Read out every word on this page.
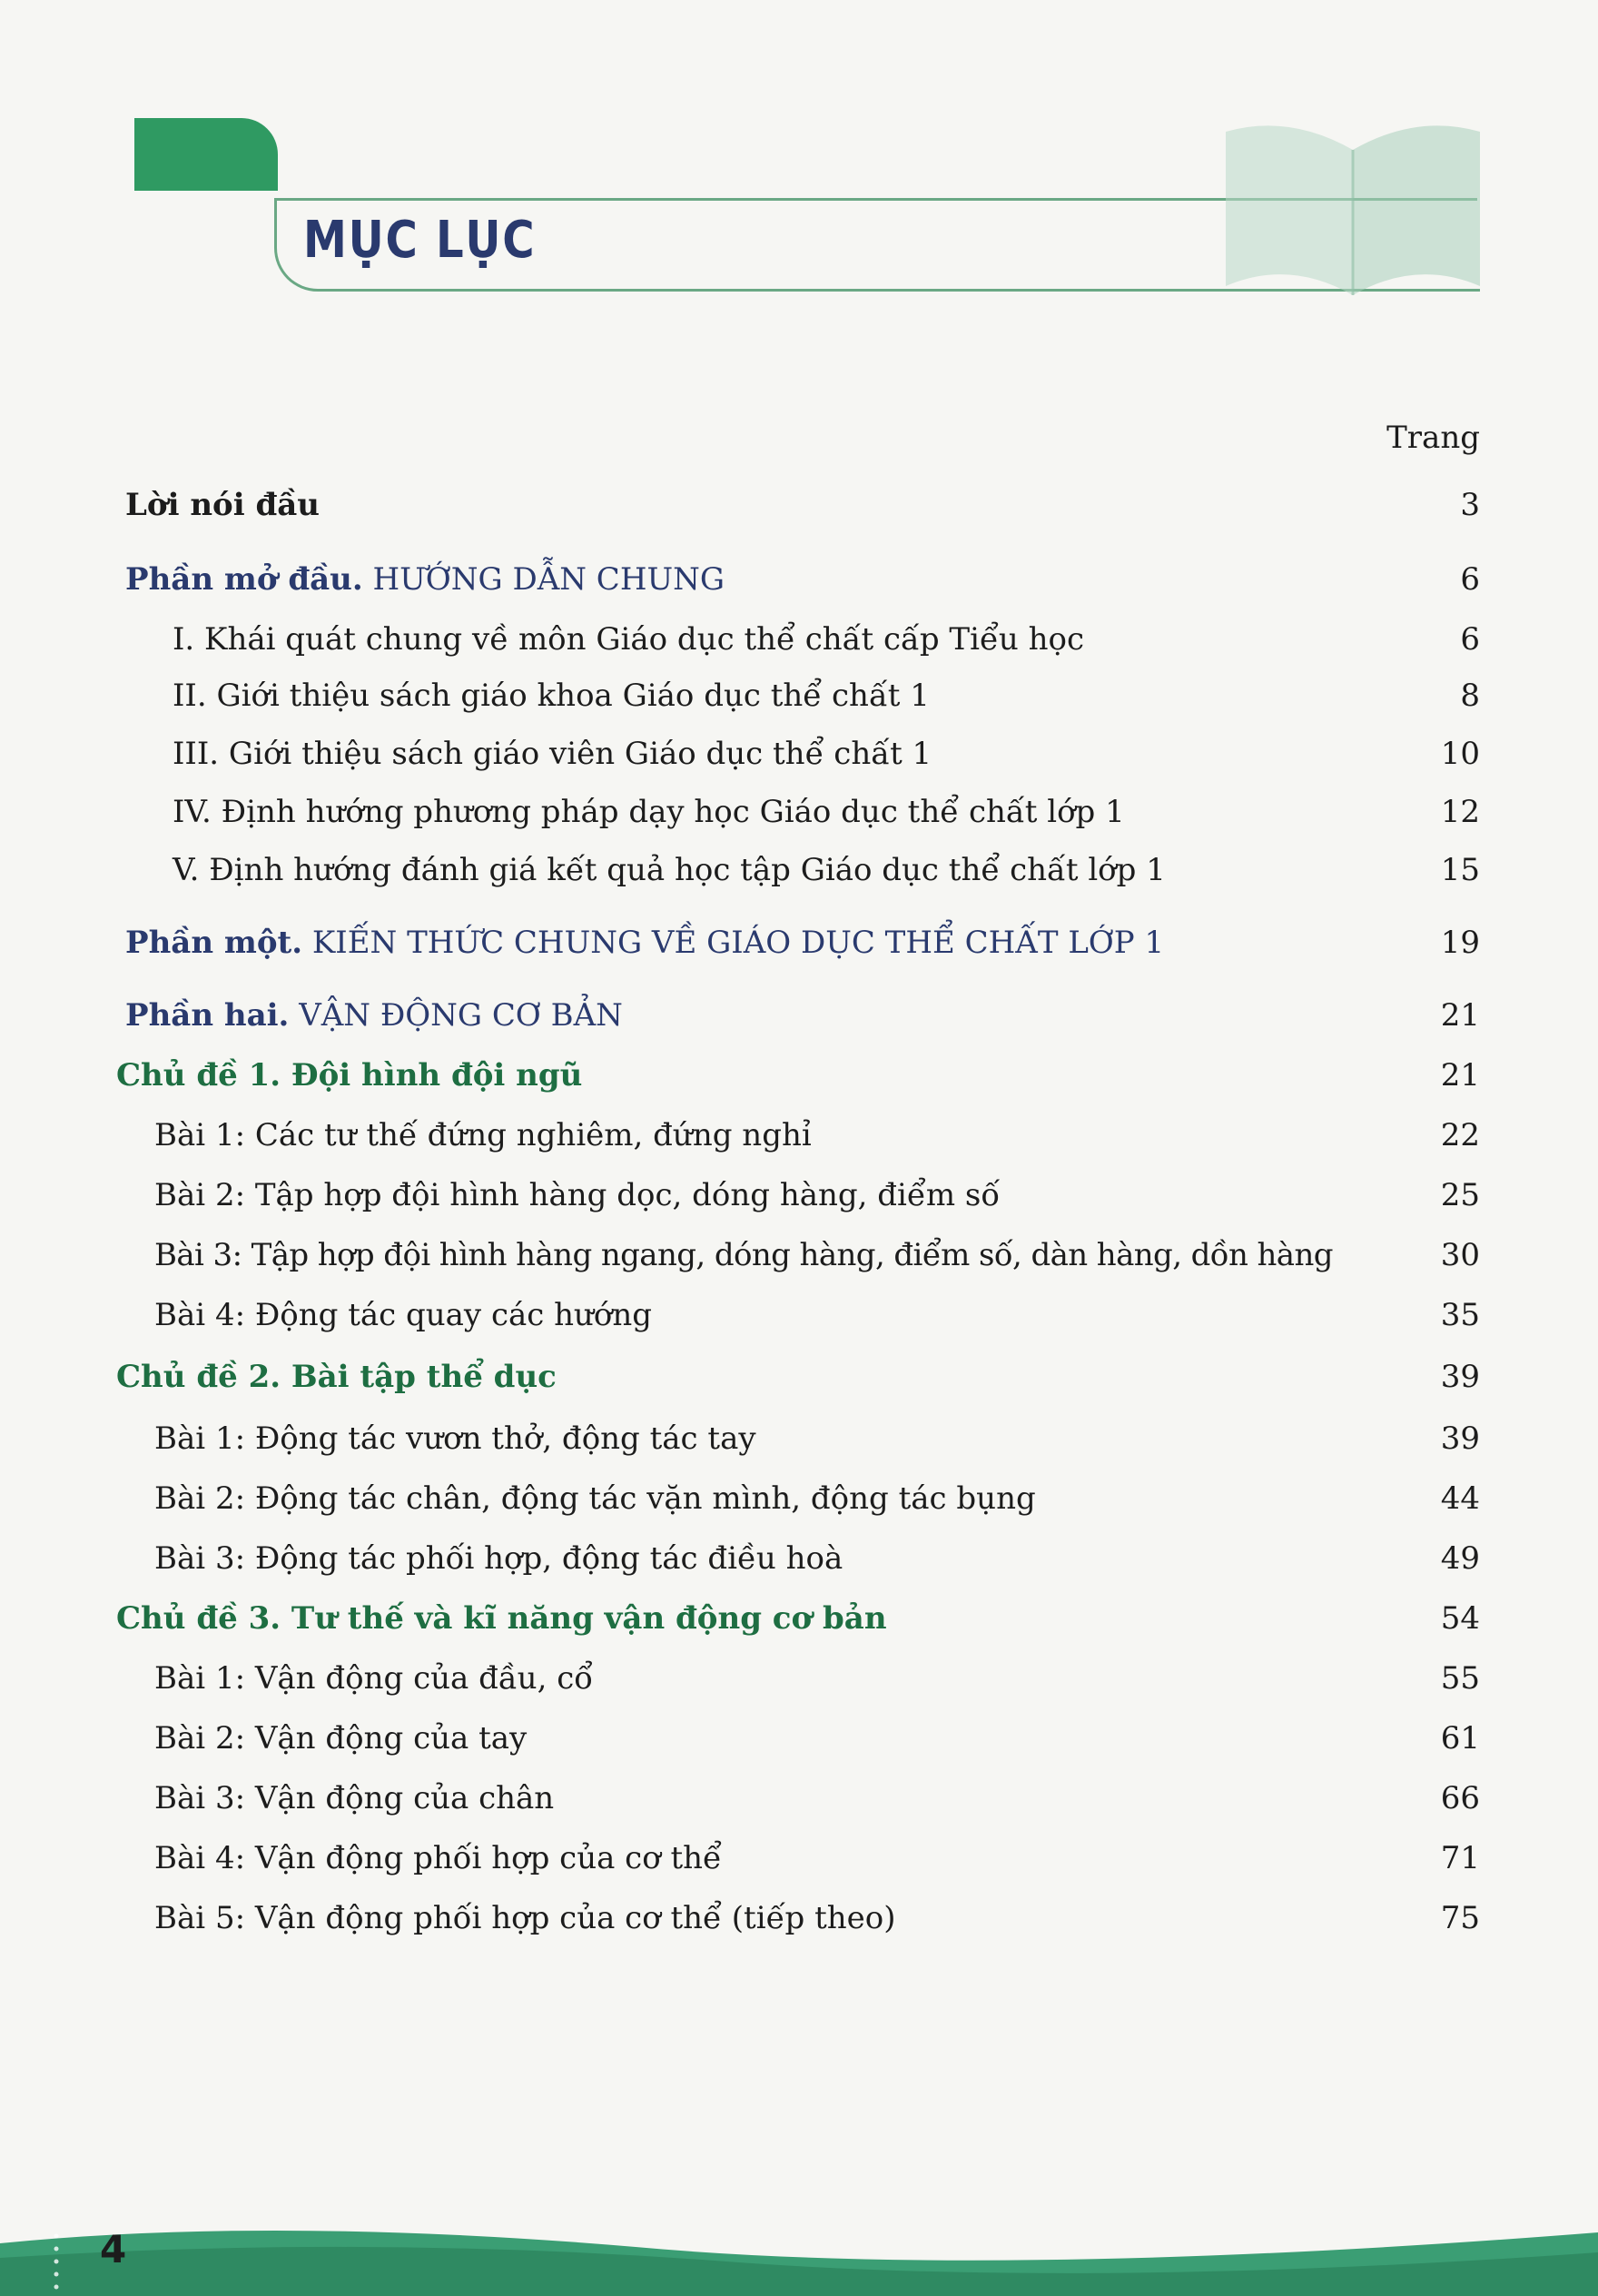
MỤC LỤC
Trang
Lời nói đầu	3
Phần mở đầu. HƯỚNG DẪN CHUNG	6
I. Khái quát chung về môn Giáo dục thể chất cấp Tiểu học	6
II. Giới thiệu sách giáo khoa Giáo dục thể chất 1	8
III. Giới thiệu sách giáo viên Giáo dục thể chất 1	10
IV. Định hướng phương pháp dạy học Giáo dục thể chất lớp 1	12
V. Định hướng đánh giá kết quả học tập Giáo dục thể chất lớp 1	15
Phần một. KIẾN THỨC CHUNG VỀ GIÁO DỤC THỂ CHẤT LỚP 1	19
Phần hai. VẬN ĐỘNG CƠ BẢN	21
Chủ đề 1. Đội hình đội ngũ	21
Bài 1: Các tư thế đứng nghiêm, đứng nghỉ	22
Bài 2: Tập hợp đội hình hàng dọc, dóng hàng, điểm số	25
Bài 3: Tập hợp đội hình hàng ngang, dóng hàng, điểm số, dàn hàng, dồn hàng	30
Bài 4: Động tác quay các hướng	35
Chủ đề 2. Bài tập thể dục	39
Bài 1: Động tác vươn thở, động tác tay	39
Bài 2: Động tác chân, động tác vặn mình, động tác bụng	44
Bài 3: Động tác phối hợp, động tác điều hoà	49
Chủ đề 3. Tư thế và kĩ năng vận động cơ bản	54
Bài 1: Vận động của đầu, cổ	55
Bài 2: Vận động của tay	61
Bài 3: Vận động của chân	66
Bài 4: Vận động phối hợp của cơ thể	71
Bài 5: Vận động phối hợp của cơ thể (tiếp theo)	75
4
